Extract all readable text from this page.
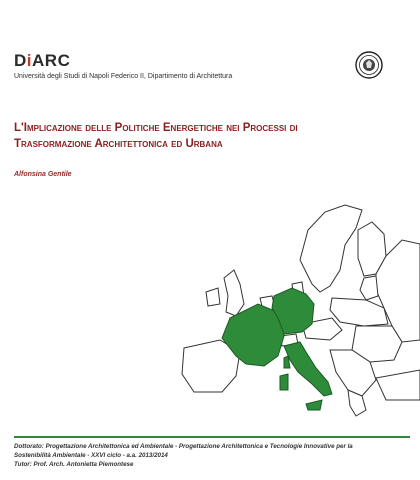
DiARC
Università degli Studi di Napoli Federico II, Dipartimento di Architettura
L'Implicazione delle Politiche Energetiche nei Processi di
Trasformazione Architettonica ed Urbana
Alfonsina Gentile
Dottorato: Progettazione Architettonica ed Ambientale - Progettazione Architettonica e Tecnologie Innovative per la
Sostenibilità Ambientale - XXVI ciclo - a.a. 2013/2014
Tutor: Prof. Arch. Antonietta Piemontese
